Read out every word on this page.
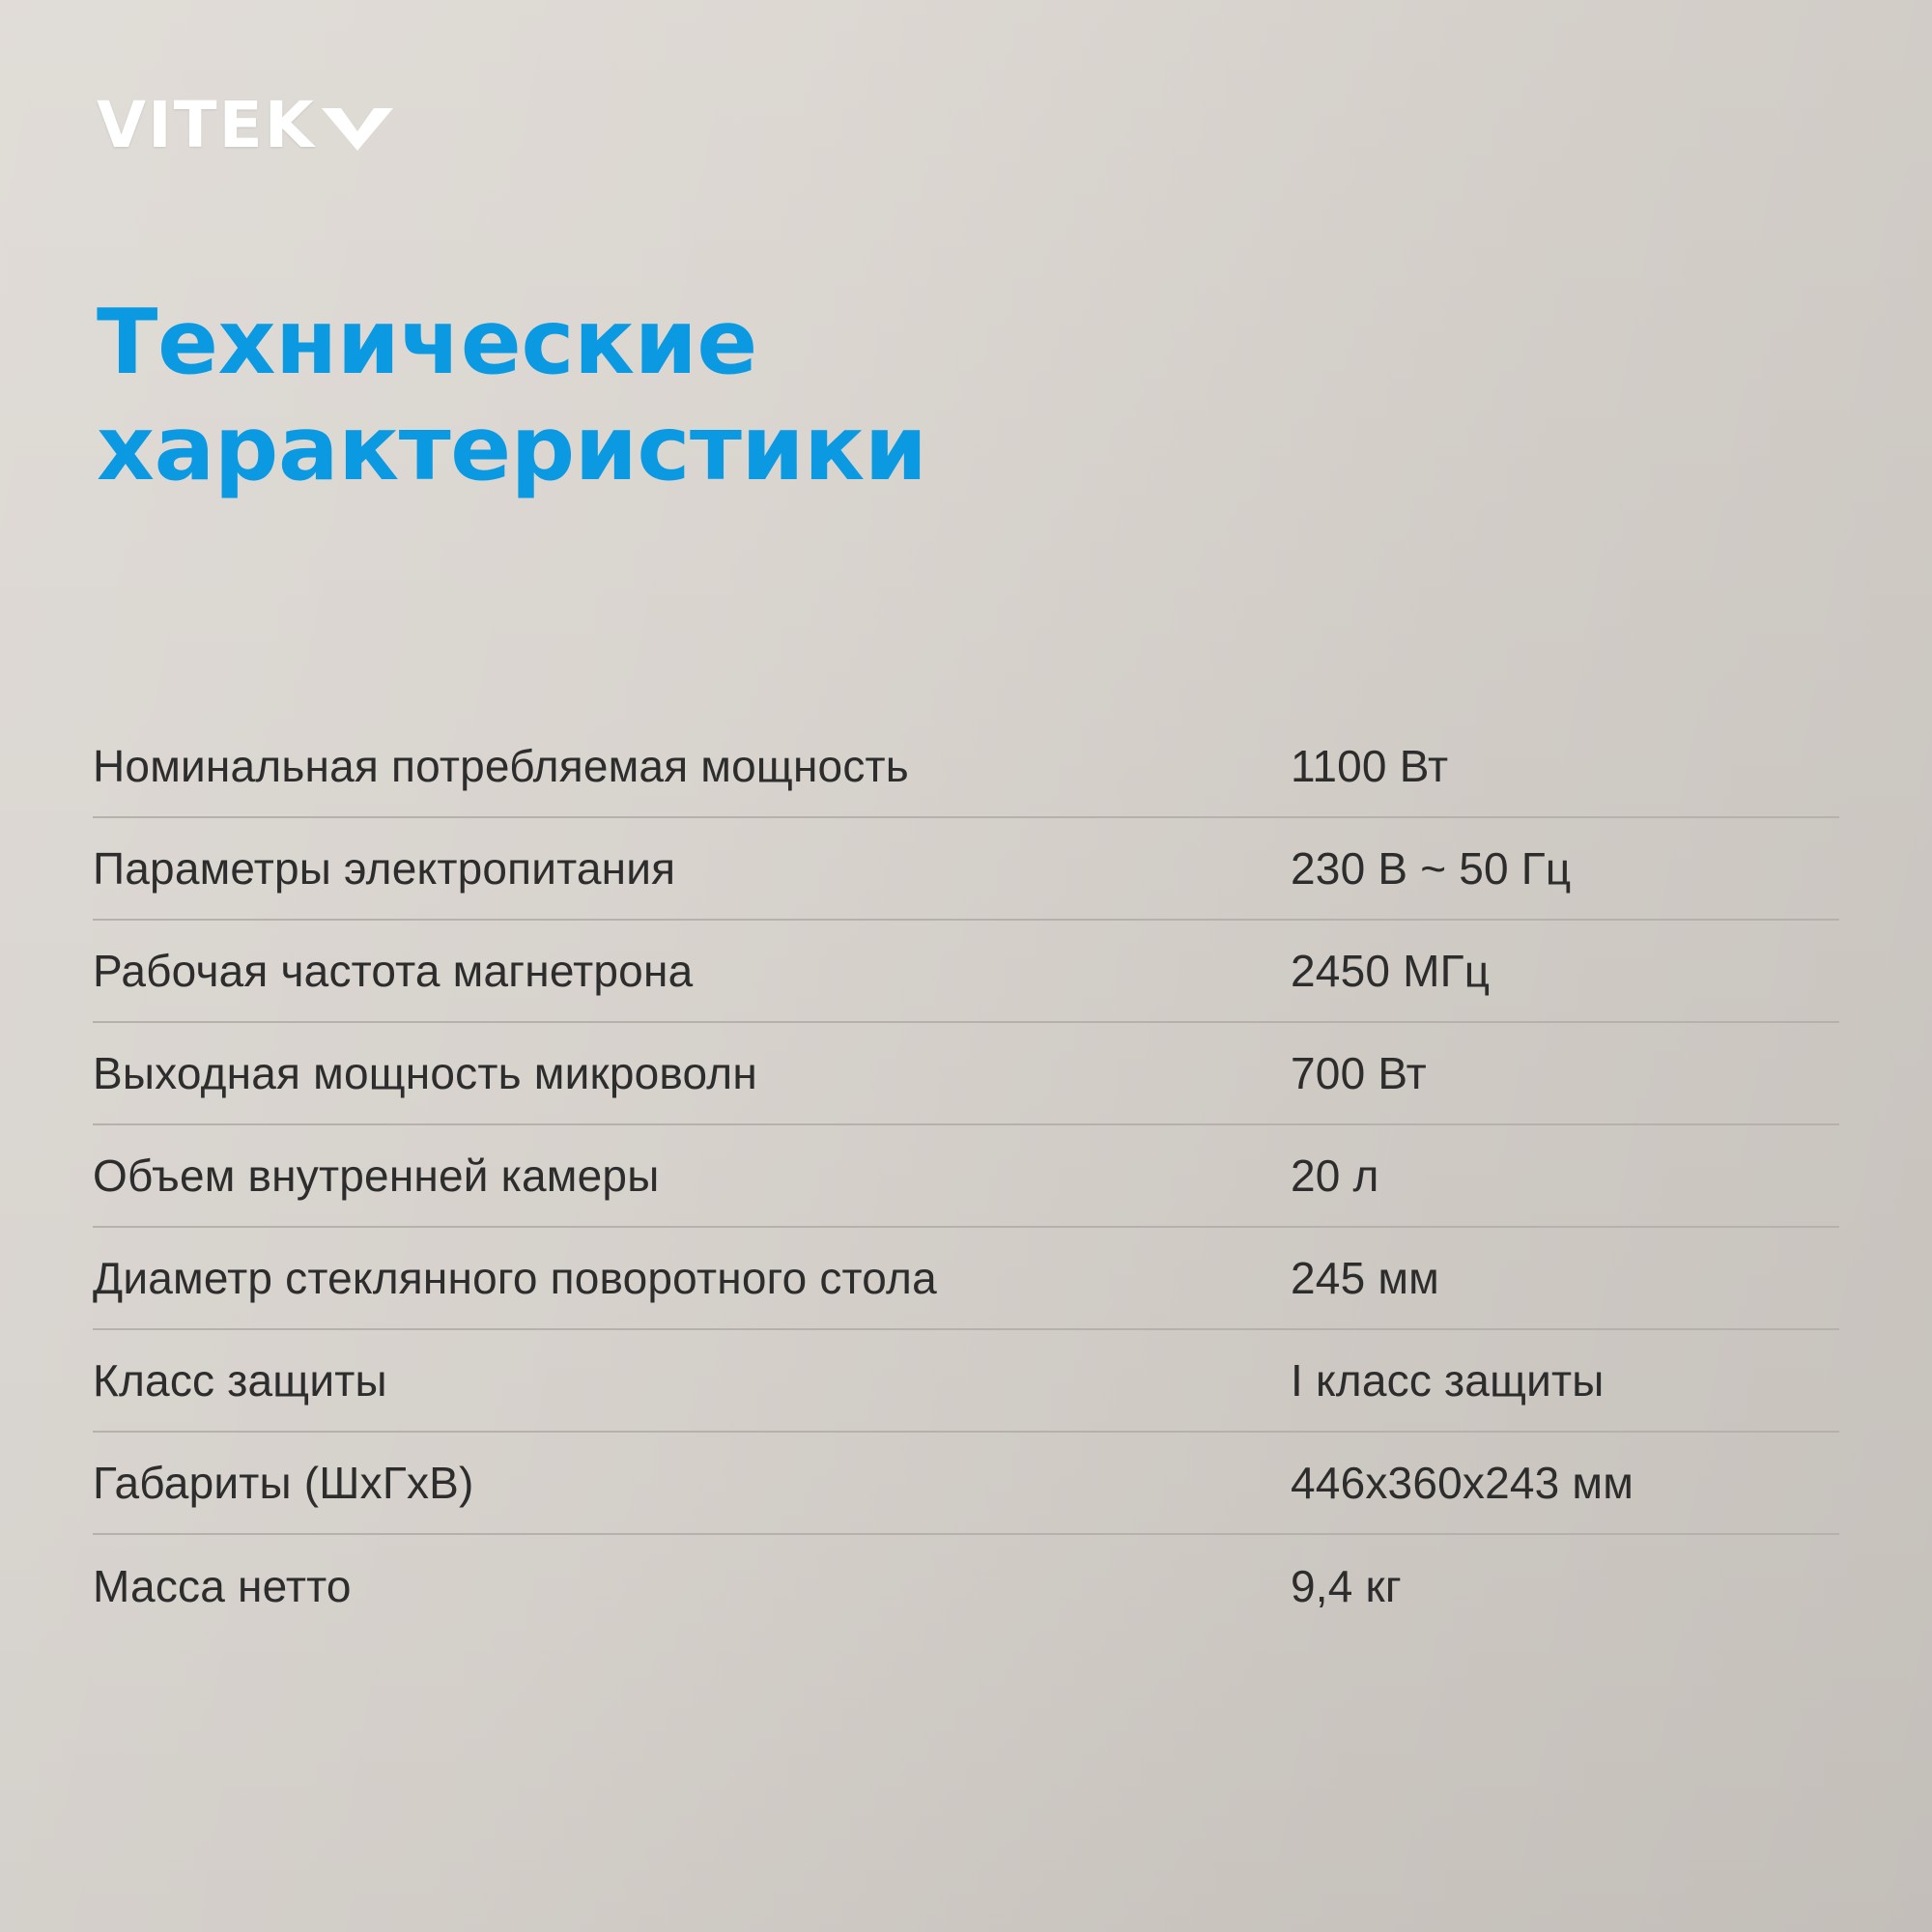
VITEK
Технические
характеристики
Номинальная потребляемая мощность	1100 Вт
Параметры электропитания	230 В ~ 50 Гц
Рабочая частота магнетрона	2450 МГц
Выходная мощность микроволн	700 Вт
Объем внутренней камеры	20 л
Диаметр стеклянного поворотного стола	245 мм
Класс защиты	I класс защиты
Габариты (ШхГхВ)	446х360х243 мм
Масса нетто	9,4 кг
